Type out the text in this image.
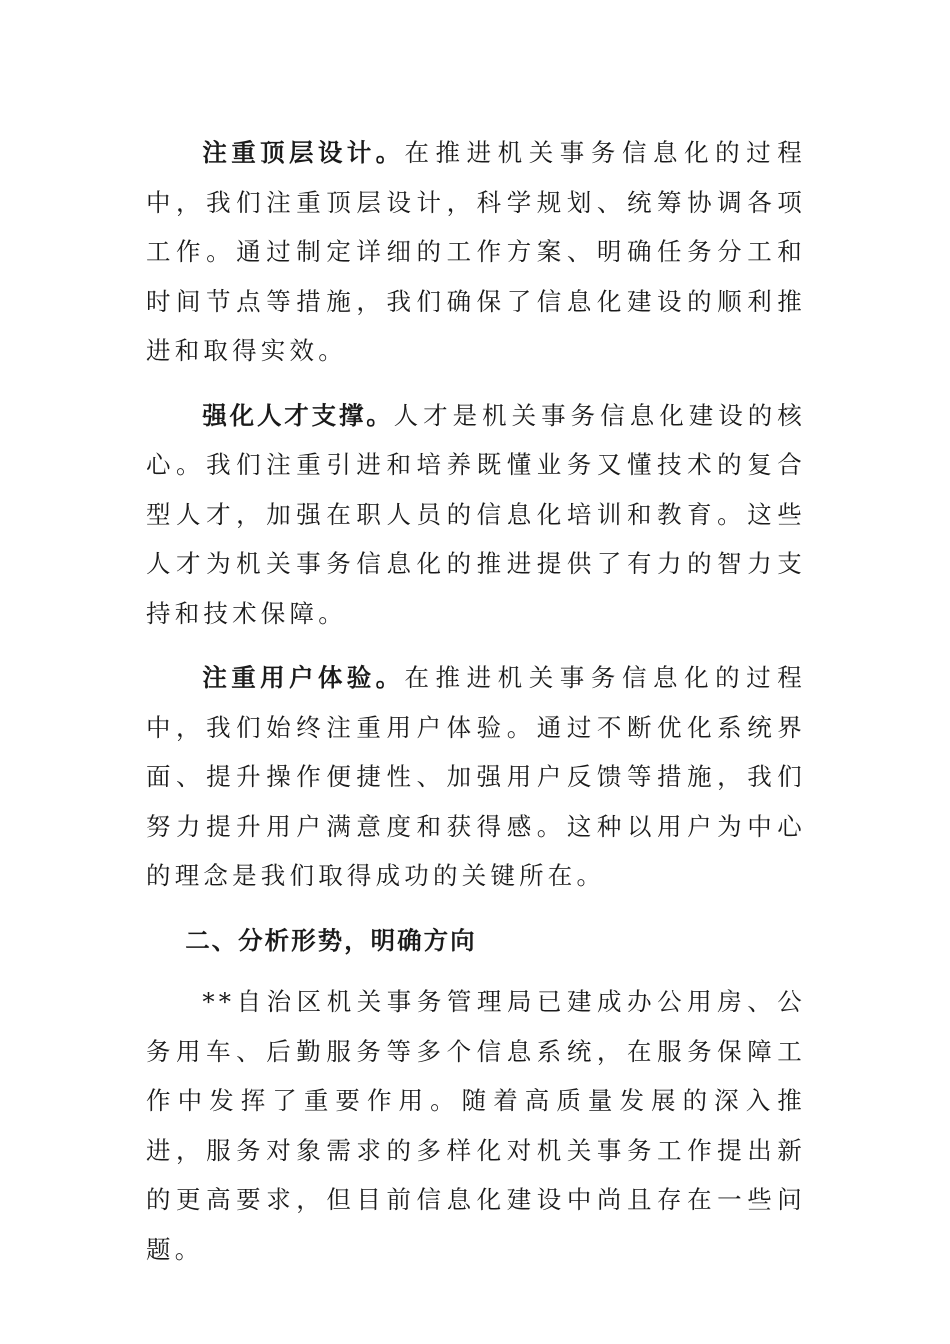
注重顶层设计。在推进机关事务信息化的过程中，我们注重顶层设计，科学规划、统筹协调各项工作。通过制定详细的工作方案、明确任务分工和时间节点等措施，我们确保了信息化建设的顺利推进和取得实效。

强化人才支撑。人才是机关事务信息化建设的核心。我们注重引进和培养既懂业务又懂技术的复合型人才，加强在职人员的信息化培训和教育。这些人才为机关事务信息化的推进提供了有力的智力支持和技术保障。

注重用户体验。在推进机关事务信息化的过程中，我们始终注重用户体验。通过不断优化系统界面、提升操作便捷性、加强用户反馈等措施，我们努力提升用户满意度和获得感。这种以用户为中心的理念是我们取得成功的关键所在。

二、分析形势，明确方向

**自治区机关事务管理局已建成办公用房、公务用车、后勤服务等多个信息系统，在服务保障工作中发挥了重要作用。随着高质量发展的深入推进，服务对象需求的多样化对机关事务工作提出新的更高要求，但目前信息化建设中尚且存在一些问题。
